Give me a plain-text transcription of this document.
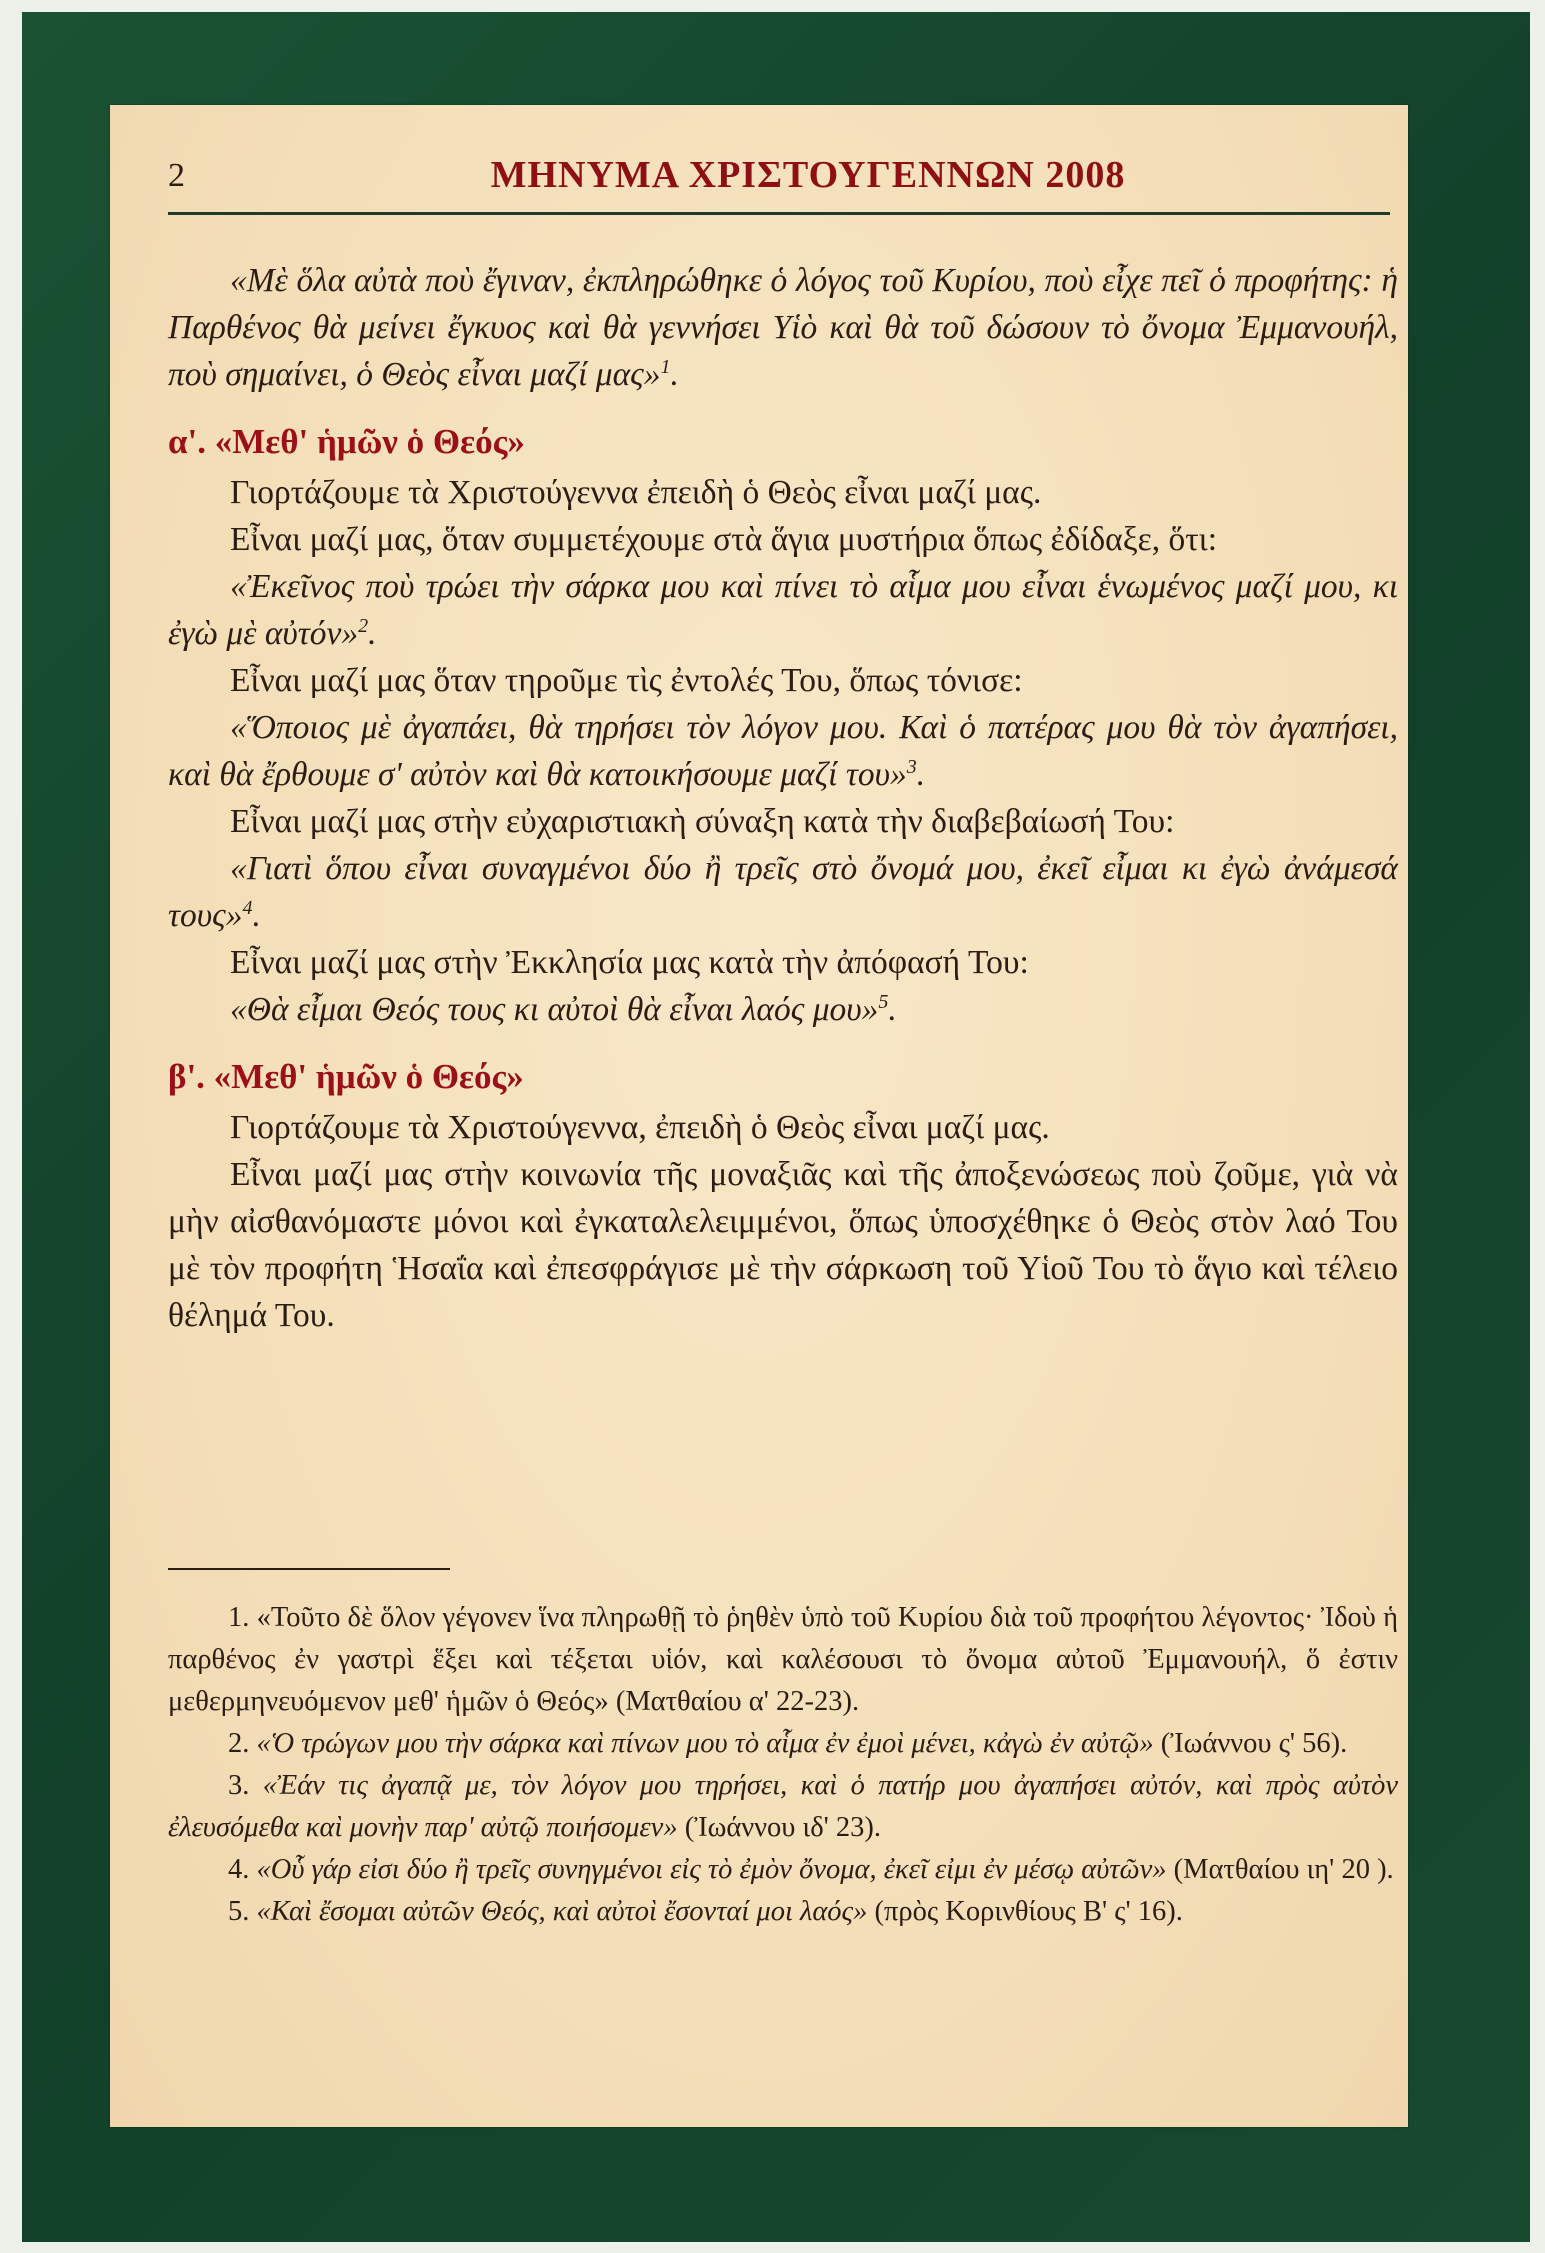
2	ΜΗΝΥΜΑ ΧΡΙΣΤΟΥΓΕΝΝΩΝ 2008

«Μὲ ὅλα αὐτὰ ποὺ ἔγιναν, ἐκπληρώθηκε ὁ λόγος τοῦ Κυρίου, ποὺ εἶχε πεῖ ὁ προφήτης: ἡ Παρθένος θὰ μείνει ἔγκυος καὶ θὰ γεννήσει Υἱὸ καὶ θὰ τοῦ δώσουν τὸ ὄνομα Ἐμμανουήλ, ποὺ σημαίνει, ὁ Θεὸς εἶναι μαζί μας»$^1$.

α'. «Μεθ' ἡμῶν ὁ Θεός»

Γιορτάζουμε τὰ Χριστούγεννα ἐπειδὴ ὁ Θεὸς εἶναι μαζί μας.

Εἶναι μαζί μας, ὅταν συμμετέχουμε στὰ ἅγια μυστήρια ὅπως ἐδίδαξε, ὅτι:

«Ἐκεῖνος ποὺ τρώει τὴν σάρκα μου καὶ πίνει τὸ αἷμα μου εἶναι ἑνωμένος μαζί μου, κι ἐγὼ μὲ αὐτόν»$^2$.

Εἶναι μαζί μας ὅταν τηροῦμε τὶς ἐντολές Του, ὅπως τόνισε:

«Ὅποιος μὲ ἀγαπάει, θὰ τηρήσει τὸν λόγον μου. Καὶ ὁ πατέρας μου θὰ τὸν ἀγαπήσει, καὶ θὰ ἔρθουμε σ' αὐτὸν καὶ θὰ κατοικήσουμε μαζί του»$^3$.

Εἶναι μαζί μας στὴν εὐχαριστιακὴ σύναξη κατὰ τὴν διαβεβαίωσή Του:

«Γιατὶ ὅπου εἶναι συναγμένοι δύο ἢ τρεῖς στὸ ὄνομά μου, ἐκεῖ εἶμαι κι ἐγὼ ἀνάμεσά τους»$^4$.

Εἶναι μαζί μας στὴν Ἐκκλησία μας κατὰ τὴν ἀπόφασή Του:

«Θὰ εἶμαι Θεός τους κι αὐτοὶ θὰ εἶναι λαός μου»$^5$.

β'. «Μεθ' ἡμῶν ὁ Θεός»

Γιορτάζουμε τὰ Χριστούγεννα, ἐπειδὴ ὁ Θεὸς εἶναι μαζί μας.

Εἶναι μαζί μας στὴν κοινωνία τῆς μοναξιᾶς καὶ τῆς ἀποξενώσεως ποὺ ζοῦμε, γιὰ νὰ μὴν αἰσθανόμαστε μόνοι καὶ ἐγκαταλελειμμένοι, ὅπως ὑποσχέθηκε ὁ Θεὸς στὸν λαό Του μὲ τὸν προφήτη Ἡσαΐα καὶ ἐπεσφράγισε μὲ τὴν σάρκωση τοῦ Υἱοῦ Του τὸ ἅγιο καὶ τέλειο θέλημά Του.

1. «Τοῦτο δὲ ὅλον γέγονεν ἵνα πληρωθῇ τὸ ῥηθὲν ὑπὸ τοῦ Κυρίου διὰ τοῦ προφήτου λέγοντος· Ἰδοὺ ἡ παρθένος ἐν γαστρὶ ἕξει καὶ τέξεται υἱόν, καὶ καλέσουσι τὸ ὄνομα αὐτοῦ Ἐμμανουήλ, ὅ ἐστιν μεθερμηνευόμενον μεθ' ἡμῶν ὁ Θεός» (Ματθαίου α' 22-23).

2. «Ὁ τρώγων μου τὴν σάρκα καὶ πίνων μου τὸ αἷμα ἐν ἐμοὶ μένει, κἀγὼ ἐν αὐτῷ» (Ἰωάννου ς' 56).

3. «Ἐάν τις ἀγαπᾷ με, τὸν λόγον μου τηρήσει, καὶ ὁ πατήρ μου ἀγαπήσει αὐτόν, καὶ πρὸς αὐτὸν ἐλευσόμεθα καὶ μονὴν παρ' αὐτῷ ποιήσομεν» (Ἰωάννου ιδ' 23).

4. «Οὗ γάρ εἰσι δύο ἢ τρεῖς συνηγμένοι εἰς τὸ ἐμὸν ὄνομα, ἐκεῖ εἰμι ἐν μέσῳ αὐτῶν» (Ματθαίου ιη' 20 ).

5. «Καὶ ἔσομαι αὐτῶν Θεός, καὶ αὐτοὶ ἔσονταί μοι λαός» (πρὸς Κορινθίους Β' ς' 16).
